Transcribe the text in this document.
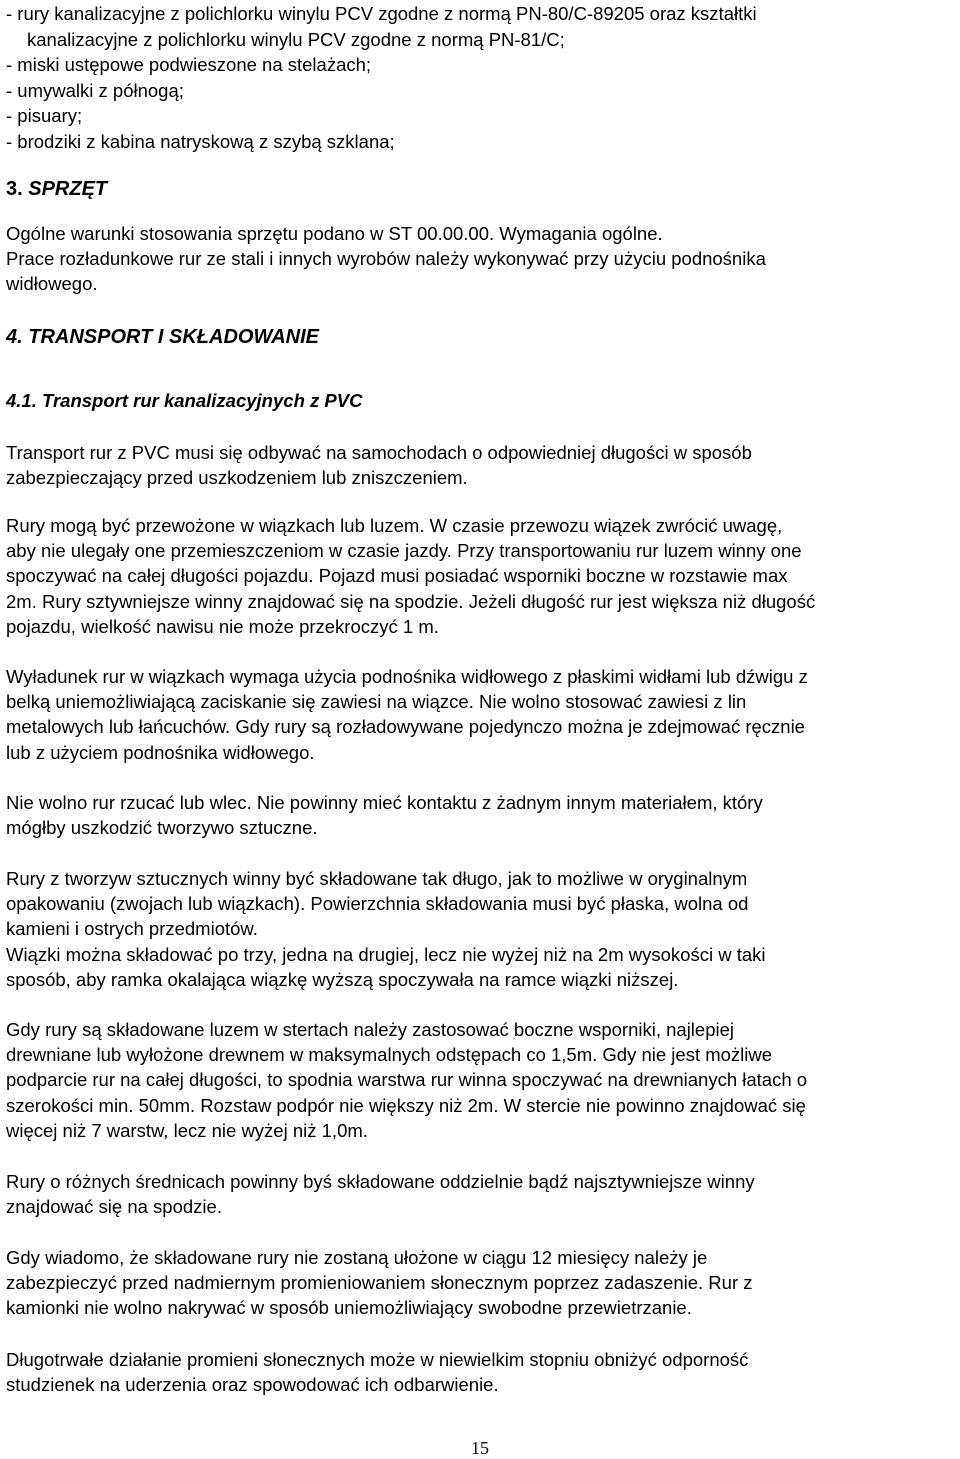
- rury kanalizacyjne z polichlorku winylu PCV zgodne z normą PN-80/C-89205 oraz kształtki
kanalizacyjne z polichlorku winylu PCV zgodne z normą PN-81/C;
- miski ustępowe podwieszone na stelażach;
- umywalki z półnogą;
- pisuary;
- brodziki z kabina natryskową z szybą szklana;
3. SPRZĘT
Ogólne warunki stosowania sprzętu podano w ST 00.00.00. Wymagania ogólne.
Prace rozładunkowe rur ze stali i innych wyrobów należy wykonywać przy użyciu podnośnika
widłowego.
4. TRANSPORT I SKŁADOWANIE
4.1. Transport rur kanalizacyjnych z PVC
Transport rur z PVC musi się odbywać na samochodach o odpowiedniej długości w sposób
zabezpieczający przed uszkodzeniem lub zniszczeniem.
Rury mogą być przewożone w wiązkach lub luzem. W czasie przewozu wiązek zwrócić uwagę,
aby nie ulegały one przemieszczeniom w czasie jazdy. Przy transportowaniu rur luzem winny one
spoczywać na całej długości pojazdu. Pojazd musi posiadać wsporniki boczne w rozstawie max
2m. Rury sztywniejsze winny znajdować się na spodzie. Jeżeli długość rur jest większa niż długość
pojazdu, wielkość nawisu nie może przekroczyć 1 m.
Wyładunek rur w wiązkach wymaga użycia podnośnika widłowego z płaskimi widłami lub dźwigu z
belką uniemożliwiającą zaciskanie się zawiesi na wiązce. Nie wolno stosować zawiesi z lin
metalowych lub łańcuchów. Gdy rury są rozładowywane pojedynczo można je zdejmować ręcznie
lub z użyciem podnośnika widłowego.
Nie wolno rur rzucać lub wlec. Nie powinny mieć kontaktu z żadnym innym materiałem, który
mógłby uszkodzić tworzywo sztuczne.
Rury z tworzyw sztucznych winny być składowane tak długo, jak to możliwe w oryginalnym
opakowaniu (zwojach lub wiązkach). Powierzchnia składowania musi być płaska, wolna od
kamieni i ostrych przedmiotów.
Wiązki można składować po trzy, jedna na drugiej, lecz nie wyżej niż na 2m wysokości w taki
sposób, aby ramka okalająca wiązkę wyższą spoczywała na ramce wiązki niższej.
Gdy rury są składowane luzem w stertach należy zastosować boczne wsporniki, najlepiej
drewniane lub wyłożone drewnem w maksymalnych odstępach co 1,5m. Gdy nie jest możliwe
podparcie rur na całej długości, to spodnia warstwa rur winna spoczywać na drewnianych łatach o
szerokości min. 50mm. Rozstaw podpór nie większy niż 2m. W stercie nie powinno znajdować się
więcej niż 7 warstw, lecz nie wyżej niż 1,0m.
Rury o różnych średnicach powinny byś składowane oddzielnie bądź najsztywniejsze winny
znajdować się na spodzie.
Gdy wiadomo, że składowane rury nie zostaną ułożone w ciągu 12 miesięcy należy je
zabezpieczyć przed nadmiernym promieniowaniem słonecznym poprzez zadaszenie. Rur z
kamionki nie wolno nakrywać w sposób uniemożliwiający swobodne przewietrzanie.
Długotrwałe działanie promieni słonecznych może w niewielkim stopniu obniżyć odporność
studzienek na uderzenia oraz spowodować ich odbarwienie.
15
